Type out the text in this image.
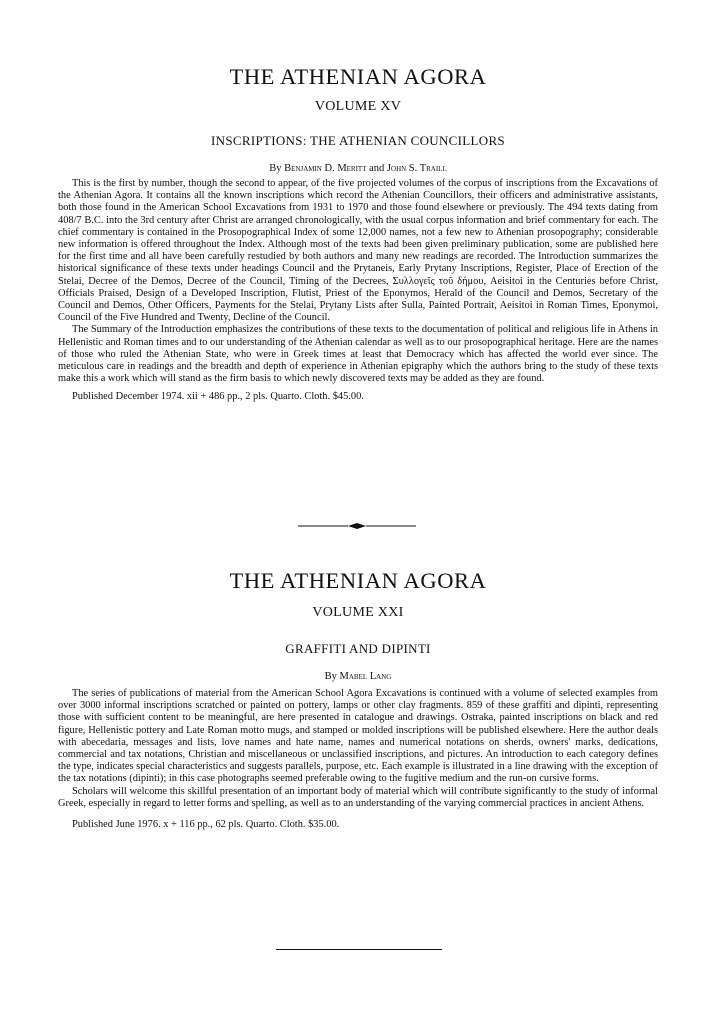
THE ATHENIAN AGORA

VOLUME XV

INSCRIPTIONS: THE ATHENIAN COUNCILLORS

By Benjamin D. Meritt and John S. Traill

This is the first by number, though the second to appear, of the five projected volumes of the corpus of inscriptions from the Excavations of the Athenian Agora. It contains all the known inscriptions which record the Athenian Councillors, their officers and administrative assistants, both those found in the American School Excavations from 1931 to 1970 and those found elsewhere or previously. The 494 texts dating from 408/7 B.C. into the 3rd century after Christ are arranged chronologically, with the usual corpus information and brief commentary for each. The chief commentary is contained in the Prosopographical Index of some 12,000 names, not a few new to Athenian prosopography; considerable new information is offered throughout the Index. Although most of the texts had been given preliminary publication, some are published here for the first time and all have been carefully restudied by both authors and many new readings are recorded. The Introduction summarizes the historical significance of these texts under headings Council and the Prytaneis, Early Prytany Inscriptions, Register, Place of Erection of the Stelai, Decree of the Demos, Decree of the Council, Timing of the Decrees, Συλλογεῖς τοῦ δήμου, Aeisitoi in the Centuries before Christ, Officials Praised, Design of a Developed Inscription, Flutist, Priest of the Eponymos, Herald of the Council and Demos, Secretary of the Council and Demos, Other Officers, Payments for the Stelai, Prytany Lists after Sulla, Painted Portrait, Aeisitoi in Roman Times, Eponymoi, Council of the Five Hundred and Twenty, Decline of the Council.

The Summary of the Introduction emphasizes the contributions of these texts to the documentation of political and religious life in Athens in Hellenistic and Roman times and to our understanding of the Athenian calendar as well as to our prosopographical heritage. Here are the names of those who ruled the Athenian State, who were in Greek times at least that Democracy which has affected the world ever since. The meticulous care in readings and the breadth and depth of experience in Athenian epigraphy which the authors bring to the study of these texts make this a work which will stand as the firm basis to which newly discovered texts may be added as they are found.

Published December 1974. xii + 486 pp., 2 pls. Quarto. Cloth. $45.00.

THE ATHENIAN AGORA

VOLUME XXI

GRAFFITI AND DIPINTI

By Mabel Lang

The series of publications of material from the American School Agora Excavations is continued with a volume of selected examples from over 3000 informal inscriptions scratched or painted on pottery, lamps or other clay fragments. 859 of these graffiti and dipinti, representing those with sufficient content to be meaningful, are here presented in catalogue and drawings. Ostraka, painted inscriptions on black and red figure, Hellenistic pottery and Late Roman motto mugs, and stamped or molded inscriptions will be published elsewhere. Here the author deals with abecedaria, messages and lists, love names and hate name, names and numerical notations on sherds, owners' marks, dedications, commercial and tax notations, Christian and miscellaneous or unclassified inscriptions, and pictures. An introduction to each category defines the type, indicates special characteristics and suggests parallels, purpose, etc. Each example is illustrated in a line drawing with the exception of the tax notations (dipinti); in this case photographs seemed preferable owing to the fugitive medium and the run-on cursive forms.

Scholars will welcome this skillful presentation of an important body of material which will contribute significantly to the study of informal Greek, especially in regard to letter forms and spelling, as well as to an understanding of the varying commercial practices in ancient Athens.

Published June 1976. x + 116 pp., 62 pls. Quarto. Cloth. $35.00.
